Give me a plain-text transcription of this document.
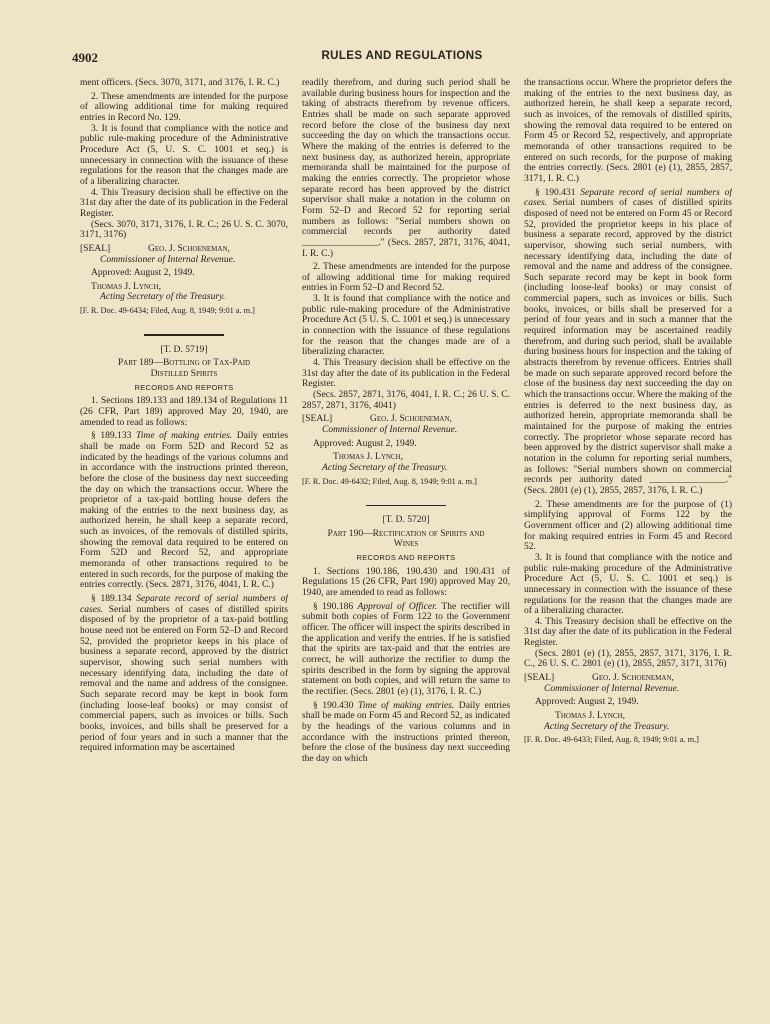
4902	RULES AND REGULATIONS

ment officers. (Secs. 3070, 3171, and 3176, I. R. C.)

2. These amendments are intended for the purpose of allowing additional time for making required entries in Record No. 129.

3. It is found that compliance with the notice and public rule-making procedure of the Administrative Procedure Act (5, U. S. C. 1001 et seq.) is unnecessary in connection with the issuance of these regulations for the reason that the changes made are of a liberalizing character.

4. This Treasury decision shall be effective on the 31st day after the date of its publication in the Federal Register.

(Secs. 3070, 3171, 3176, I. R. C.; 26 U. S. C. 3070, 3171, 3176)

[SEAL]	Geo. J. Schoeneman,

Commissioner of Internal Revenue.

Approved: August 2, 1949.

Thomas J. Lynch,

Acting Secretary of the Treasury.

[F. R. Doc. 49-6434; Filed, Aug. 8, 1949; 9:01 a. m.]

[T. D. 5719]

Part 189—Bottling of Tax-Paid Distilled Spirits

RECORDS AND REPORTS

1. Sections 189.133 and 189.134 of Regulations 11 (26 CFR, Part 189) approved May 20, 1940, are amended to read as follows:

§ 189.133 Time of making entries. Daily entries shall be made on Form 52D and Record 52 as indicated by the headings of the various columns and in accordance with the instructions printed thereon, before the close of the business day next succeeding the day on which the transactions occur. Where the proprietor of a tax-paid bottling house defers the making of the entries to the next business day, as authorized herein, he shall keep a separate record, such as invoices, of the removals of distilled spirits, showing the removal data required to be entered on Form 52D and Record 52, and appropriate memoranda of other transactions required to be entered in such records, for the purpose of making the entries correctly. (Secs. 2871, 3176, 4041, I. R. C.)

§ 189.134 Separate record of serial numbers of cases. Serial numbers of cases of distilled spirits disposed of by the proprietor of a tax-paid bottling house need not be entered on Form 52–D and Record 52, provided the proprietor keeps in his place of business a separate record, approved by the district supervisor, showing such serial numbers with necessary identifying data, including the date of removal and the name and address of the consignee. Such separate record may be kept in book form (including loose-leaf books) or may consist of commercial papers, such as invoices or bills. Such books, invoices, and bills shall be preserved for a period of four years and in such a manner that the required information may be ascertained

readily therefrom, and during such period shall be available during business hours for inspection and the taking of abstracts therefrom by revenue officers. Entries shall be made on such separate approved record before the close of the business day next succeeding the day on which the transactions occur. Where the making of the entries is deferred to the next business day, as authorized herein, appropriate memoranda shall be maintained for the purpose of making the entries correctly. The proprietor whose separate record has been approved by the district supervisor shall make a notation in the column on Form 52–D and Record 52 for reporting serial numbers as follows: "Serial numbers shown on commercial records per authority dated ________________." (Secs. 2857, 2871, 3176, 4041, I. R. C.)

2. These amendments are intended for the purpose of allowing additional time for making required entries in Form 52–D and Record 52.

3. It is found that compliance with the notice and public rule-making procedure of the Administrative Procedure Act (5 U. S. C. 1001 et seq.) is unnecessary in connection with the issuance of these regulations for the reason that the changes made are of a liberalizing character.

4. This Treasury decision shall be effective on the 31st day after the date of its publication in the Federal Register.

(Secs. 2857, 2871, 3176, 4041, I. R. C.; 26 U. S. C. 2857, 2871, 3176, 4041)

[SEAL]	Geo. J. Schoeneman,

Commissioner of Internal Revenue.

Approved: August 2, 1949.

Thomas J. Lynch,

Acting Secretary of the Treasury.

[F. R. Doc. 49-6432; Filed, Aug. 8, 1949; 9:01 a. m.]

[T. D. 5720]

Part 190—Rectification of Spirits and Wines

RECORDS AND REPORTS

1. Sections 190.186, 190.430 and 190.431 of Regulations 15 (26 CFR, Part 190) approved May 20, 1940, are amended to read as follows:

§ 190.186 Approval of Officer. The rectifier will submit both copies of Form 122 to the Government officer. The officer will inspect the spirits described in the application and verify the entries. If he is satisfied that the spirits are tax-paid and that the entries are correct, he will authorize the rectifier to dump the spirits described in the form by signing the approval statement on both copies, and will return the same to the rectifier. (Secs. 2801 (e) (1), 3176, I. R. C.)

§ 190.430 Time of making entries. Daily entries shall be made on Form 45 and Record 52, as indicated by the headings of the various columns and in accordance with the instructions printed thereon, before the close of the business day next succeeding the day on which

the transactions occur. Where the proprietor defers the making of the entries to the next business day, as authorized herein, he shall keep a separate record, such as invoices, of the removals of distilled spirits, showing the removal data required to be entered on Form 45 or Record 52, respectively, and appropriate memoranda of other transactions required to be entered on such records, for the purpose of making the entries correctly. (Secs. 2801 (e) (1), 2855, 2857, 3171, I. R. C.)

§ 190.431 Separate record of serial numbers of cases. Serial numbers of cases of distilled spirits disposed of need not be entered on Form 45 or Record 52, provided the proprietor keeps in his place of business a separate record, approved by the district supervisor, showing such serial numbers, with necessary identifying data, including the date of removal and the name and address of the consignee. Such separate record may be kept in book form (including loose-leaf books) or may consist of commercial papers, such as invoices or bills. Such books, invoices, or bills shall be preserved for a period of four years and in such a manner that the required information may be ascertained readily therefrom, and during such period, shall be available during business hours for inspection and the taking of abstracts therefrom by revenue officers. Entries shall be made on such separate approved record before the close of the business day next succeeding the day on which the transactions occur. Where the making of the entries is deferred to the next business day, as authorized herein, appropriate memoranda shall be maintained for the purpose of making the entries correctly. The proprietor whose separate record has been approved by the district supervisor shall make a notation in the column for reporting serial numbers, as follows: "Serial numbers shown on commercial records per authority dated ________________." (Secs. 2801 (e) (1), 2855, 2857, 3176, I. R. C.)

2. These amendments are for the purpose of (1) simplifying approval of Forms 122 by the Government officer and (2) allowing additional time for making required entries in Form 45 and Record 52.

3. It is found that compliance with the notice and public rule-making procedure of the Administrative Procedure Act (5, U. S. C. 1001 et seq.) is unnecessary in connection with the issuance of these regulations for the reason that the changes made are of a liberalizing character.

4. This Treasury decision shall be effective on the 31st day after the date of its publication in the Federal Register.

(Secs. 2801 (e) (1), 2855, 2857, 3171, 3176, I. R. C., 26 U. S. C. 2801 (e) (1), 2855, 2857, 3171, 3176)

[SEAL]	Geo. J. Schoeneman,

Commissioner of Internal Revenue.

Approved: August 2, 1949.

Thomas J. Lynch,

Acting Secretary of the Treasury.

[F. R. Doc. 49-6433; Filed, Aug. 8, 1949; 9:01 a. m.]
